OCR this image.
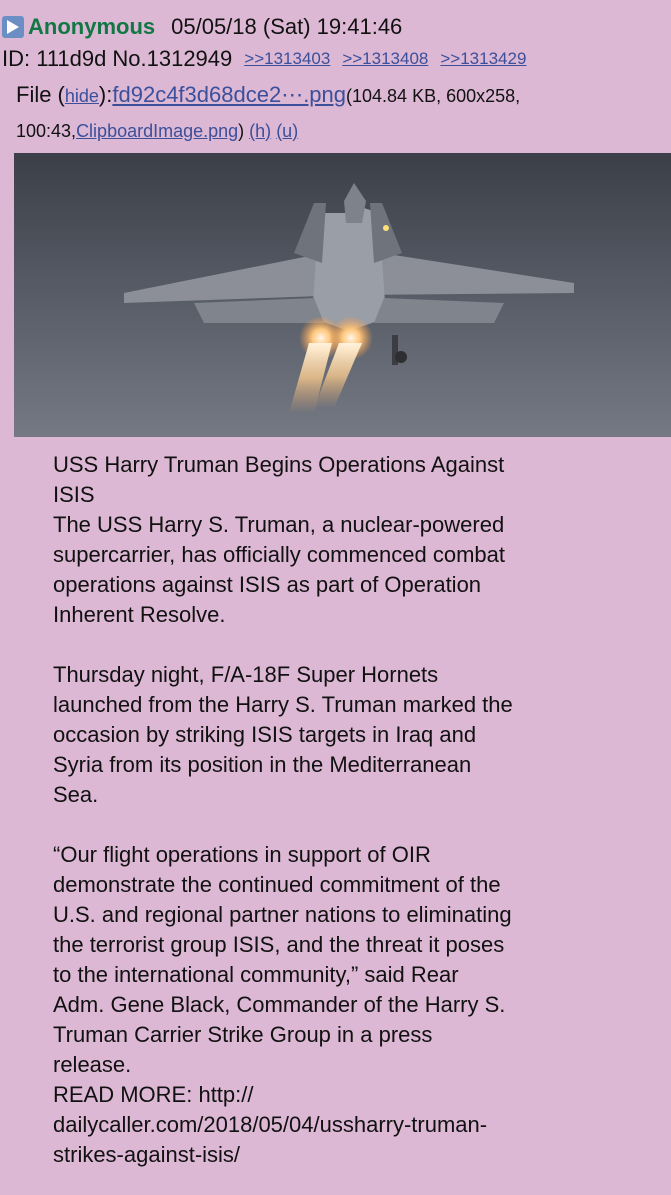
Anonymous 05/05/18 (Sat) 19:41:46
ID: 111d9d No.1312949 >>1313403 >>1313408 >>1313429
File ( hide ): fd92c4f3d68dce2⋯.png (104.84 KB, 600x258,
100:43, ClipboardImage.png ) (h)
(u)

USS Harry Truman Begins Operations Against

ISIS

The USS Harry S. Truman, a nuclear-powered

supercarrier, has officially commenced combat

operations against ISIS as part of Operation

Inherent Resolve.

Thursday night, F/A-18F Super Hornets

launched from the Harry S. Truman marked the

occasion by striking ISIS targets in Iraq and

Syria from its position in the Mediterranean

Sea.

“Our flight operations in support of OIR

demonstrate the continued commitment of the

U.S. and regional partner nations to eliminating

the terrorist group ISIS, and the threat it poses

to the international community,” said Rear

Adm. Gene Black, Commander of the Harry S.

Truman Carrier Strike Group in a press

release.

READ MORE: http://

dailycaller.com/2018/05/04/ussharry-truman-

strikes-against-isis/
